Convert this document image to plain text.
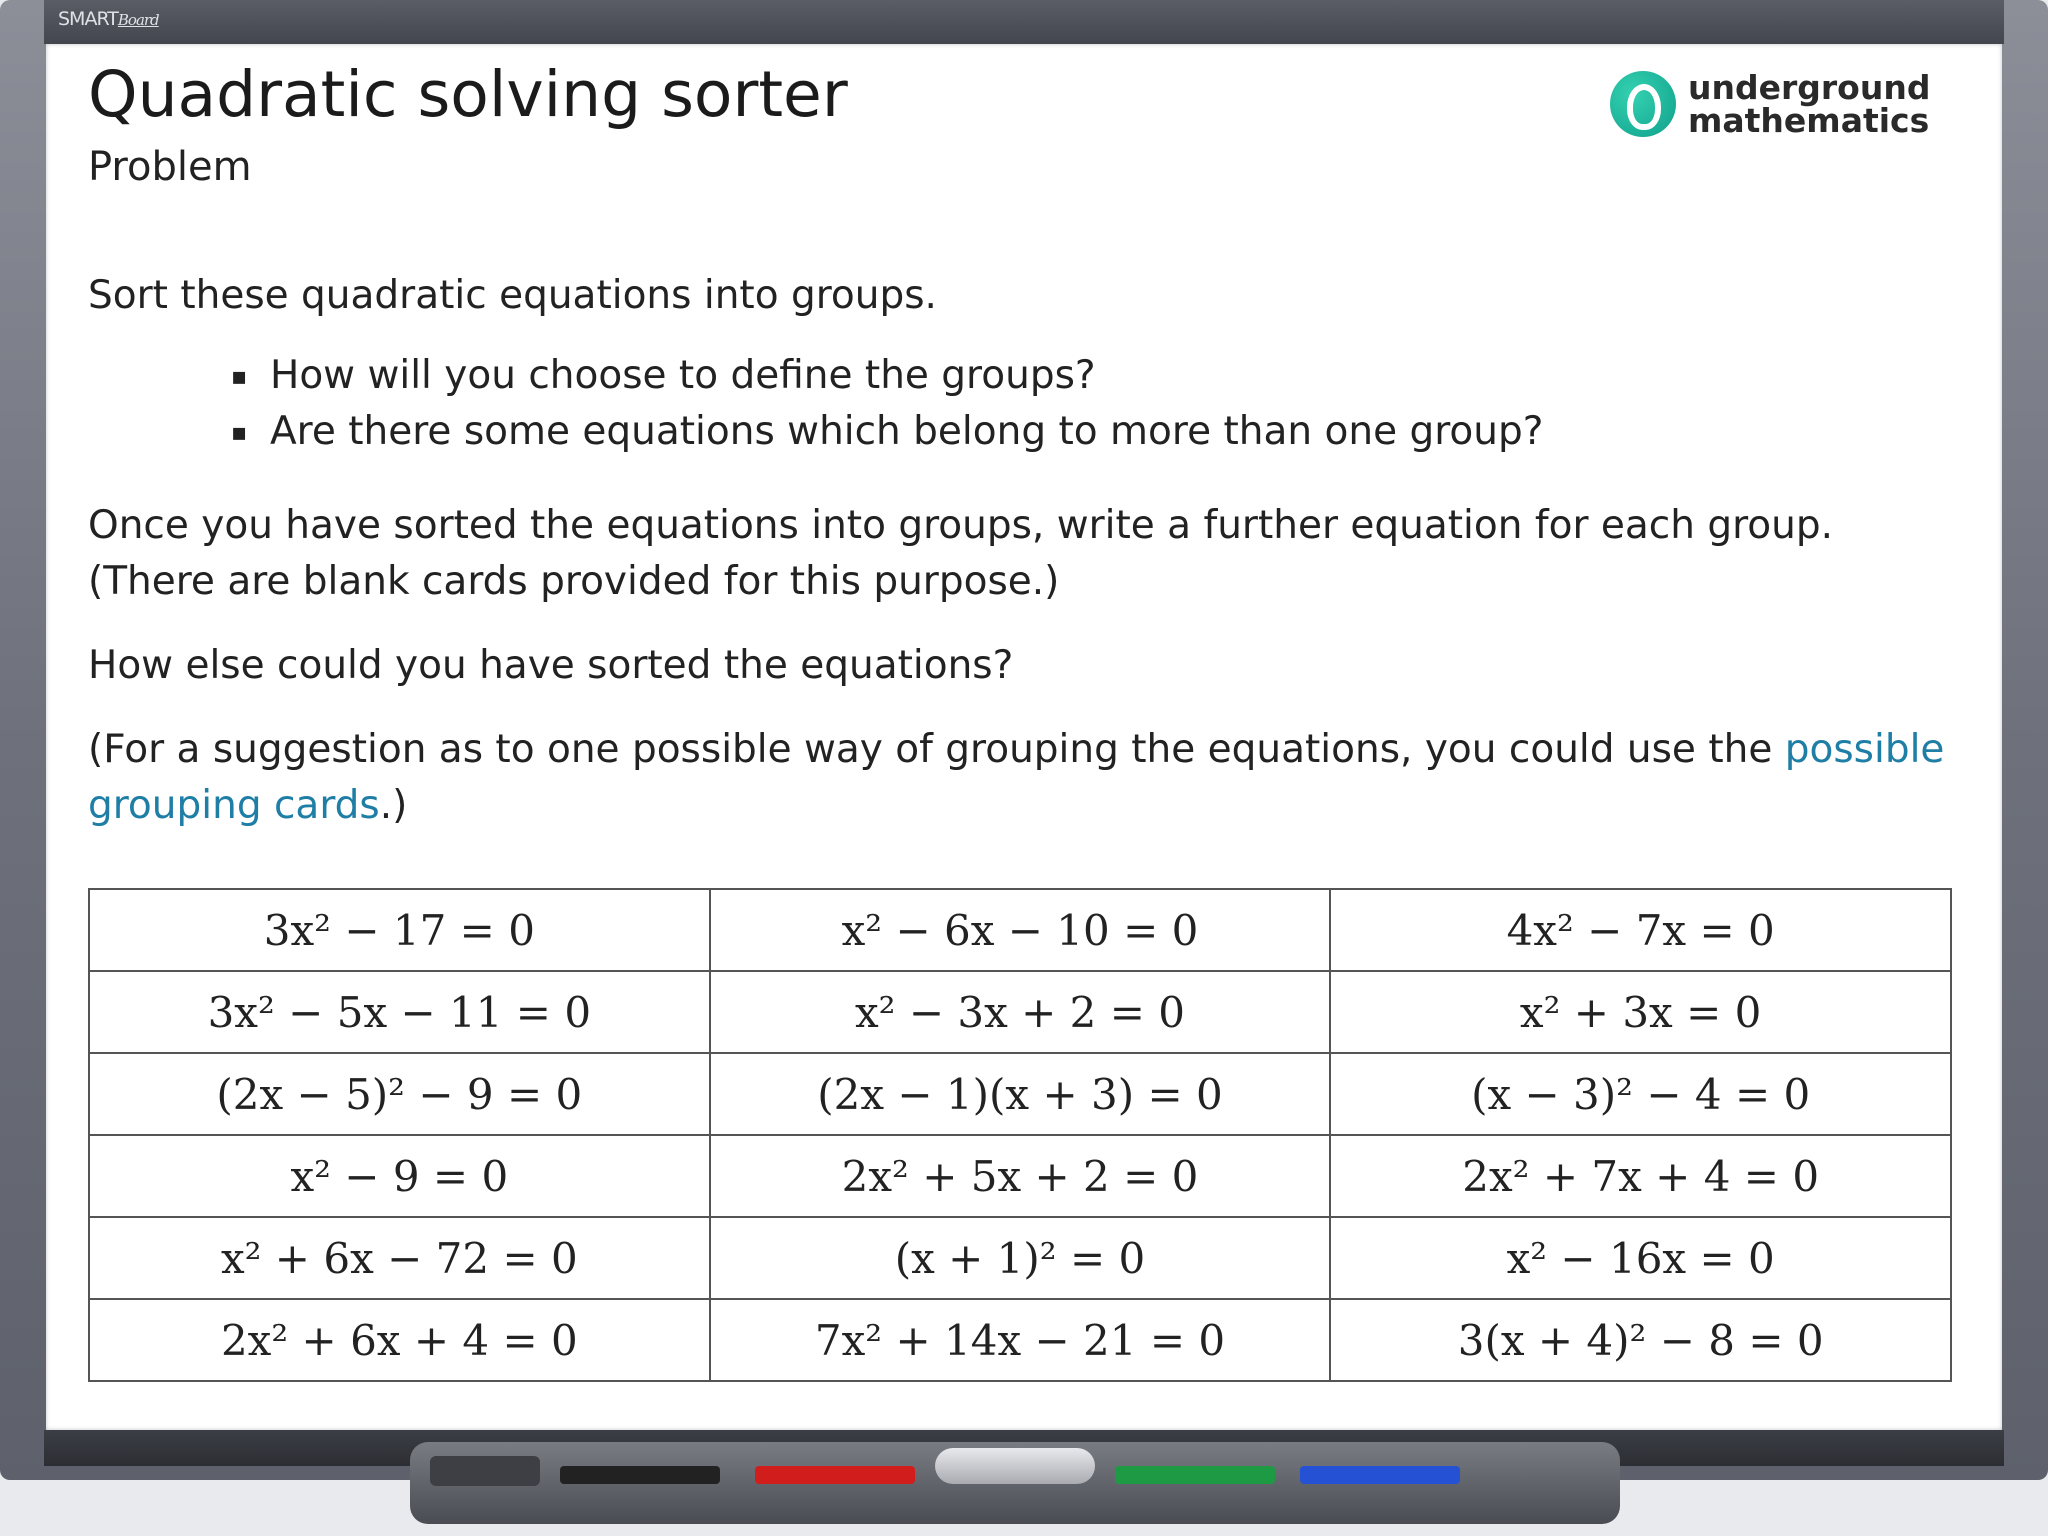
SMARTBoard
Quadratic solving sorter
Problem
underground
mathematics

Sort these quadratic equations into groups.

▪ How will you choose to define the groups?
▪ Are there some equations which belong to more than one group?

Once you have sorted the equations into groups, write a further equation for each group. (There are blank cards provided for this purpose.)

How else could you have sorted the equations?

(For a suggestion as to one possible way of grouping the equations, you could use the possible grouping cards.)

3x² − 17 = 0	x² − 6x − 10 = 0	4x² − 7x = 0
3x² − 5x − 11 = 0	x² − 3x + 2 = 0	x² + 3x = 0
(2x − 5)² − 9 = 0	(2x − 1)(x + 3) = 0	(x − 3)² − 4 = 0
x² − 9 = 0	2x² + 5x + 2 = 0	2x² + 7x + 4 = 0
x² + 6x − 72 = 0	(x + 1)² = 0	x² − 16x = 0
2x² + 6x + 4 = 0	7x² + 14x − 21 = 0	3(x + 4)² − 8 = 0
